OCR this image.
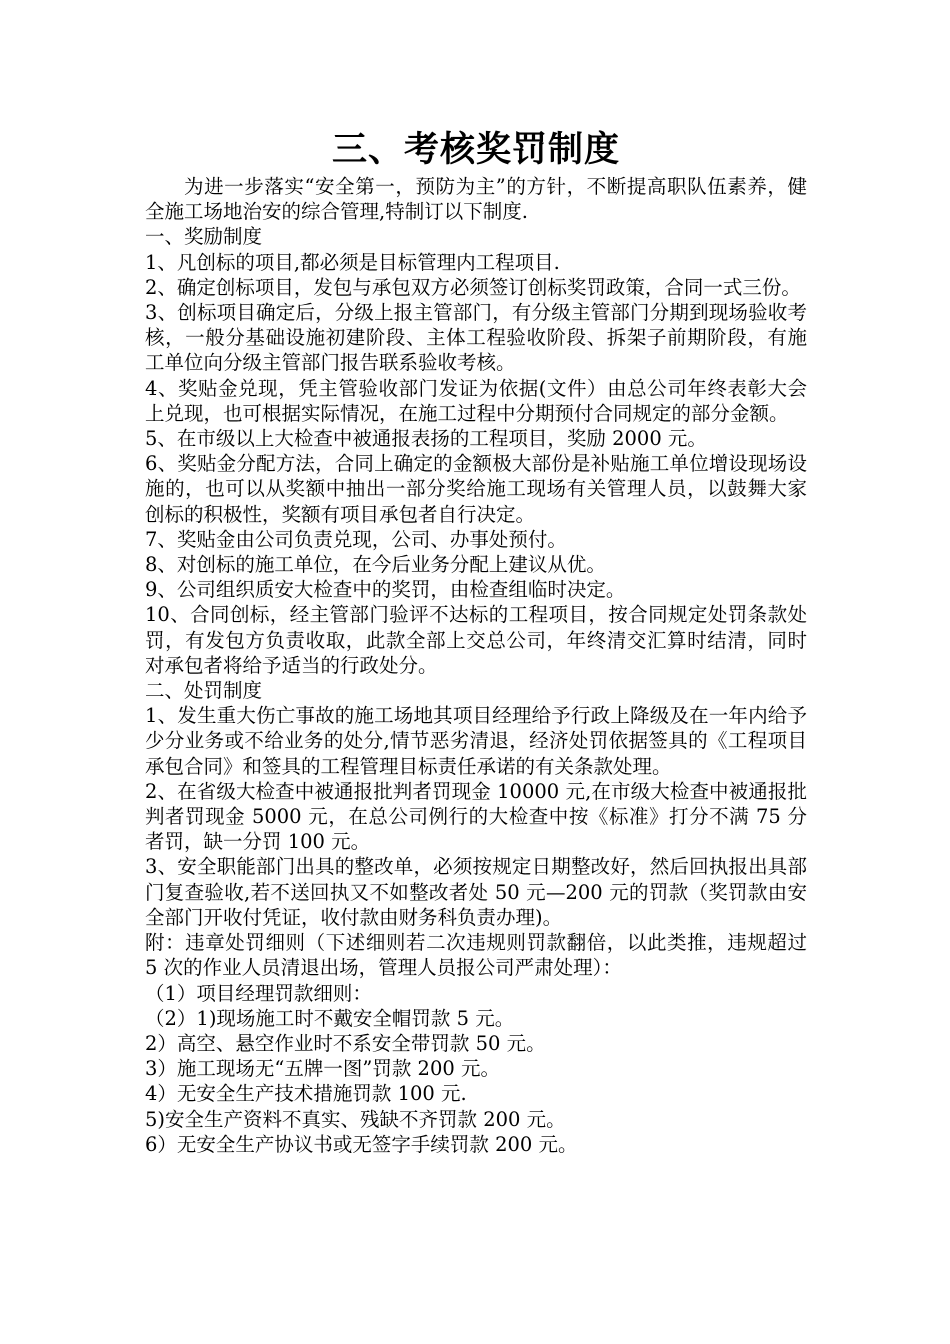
三、考核奖罚制度

为进一步落实“安全第一，预防为主”的方针，不断提高职队伍素养，健全施工场地治安的综合管理,特制订以下制度.

一、奖励制度

1、凡创标的项目,都必须是目标管理内工程项目.

2、确定创标项目，发包与承包双方必须签订创标奖罚政策，合同一式三份。

3、创标项目确定后，分级上报主管部门，有分级主管部门分期到现场验收考核，一般分基础设施初建阶段、主体工程验收阶段、拆架子前期阶段，有施工单位向分级主管部门报告联系验收考核。

4、奖贴金兑现，凭主管验收部门发证为依据(文件）由总公司年终表彰大会上兑现，也可根据实际情况，在施工过程中分期预付合同规定的部分金额。

5、在市级以上大检查中被通报表扬的工程项目，奖励 2000 元。

6、奖贴金分配方法，合同上确定的金额极大部份是补贴施工单位增设现场设施的，也可以从奖额中抽出一部分奖给施工现场有关管理人员，以鼓舞大家创标的积极性，奖额有项目承包者自行决定。

7、奖贴金由公司负责兑现，公司、办事处预付。

8、对创标的施工单位，在今后业务分配上建议从优。

9、公司组织质安大检查中的奖罚，由检查组临时决定。

10、合同创标，经主管部门验评不达标的工程项目，按合同规定处罚条款处罚，有发包方负责收取，此款全部上交总公司，年终清交汇算时结清，同时对承包者将给予适当的行政处分。

二、处罚制度

1、发生重大伤亡事故的施工场地其项目经理给予行政上降级及在一年内给予少分业务或不给业务的处分,情节恶劣清退，经济处罚依据签具的《工程项目承包合同》和签具的工程管理目标责任承诺的有关条款处理。

2、在省级大检查中被通报批判者罚现金 10000 元,在市级大检查中被通报批判者罚现金 5000 元，在总公司例行的大检查中按《标准》打分不满 75 分者罚，缺一分罚 100 元。

3、安全职能部门出具的整改单，必须按规定日期整改好，然后回执报出具部门复查验收,若不送回执又不如整改者处 50 元—200 元的罚款（奖罚款由安全部门开收付凭证，收付款由财务科负责办理)。

附：违章处罚细则（下述细则若二次违规则罚款翻倍，以此类推，违规超过 5 次的作业人员清退出场，管理人员报公司严肃处理）：

（1）项目经理罚款细则：

（2）1)现场施工时不戴安全帽罚款 5 元。

2）高空、悬空作业时不系安全带罚款 50 元。

3）施工现场无“五牌一图”罚款 200 元。

4）无安全生产技术措施罚款 100 元.

5)安全生产资料不真实、残缺不齐罚款 200 元。

6）无安全生产协议书或无签字手续罚款 200 元。
